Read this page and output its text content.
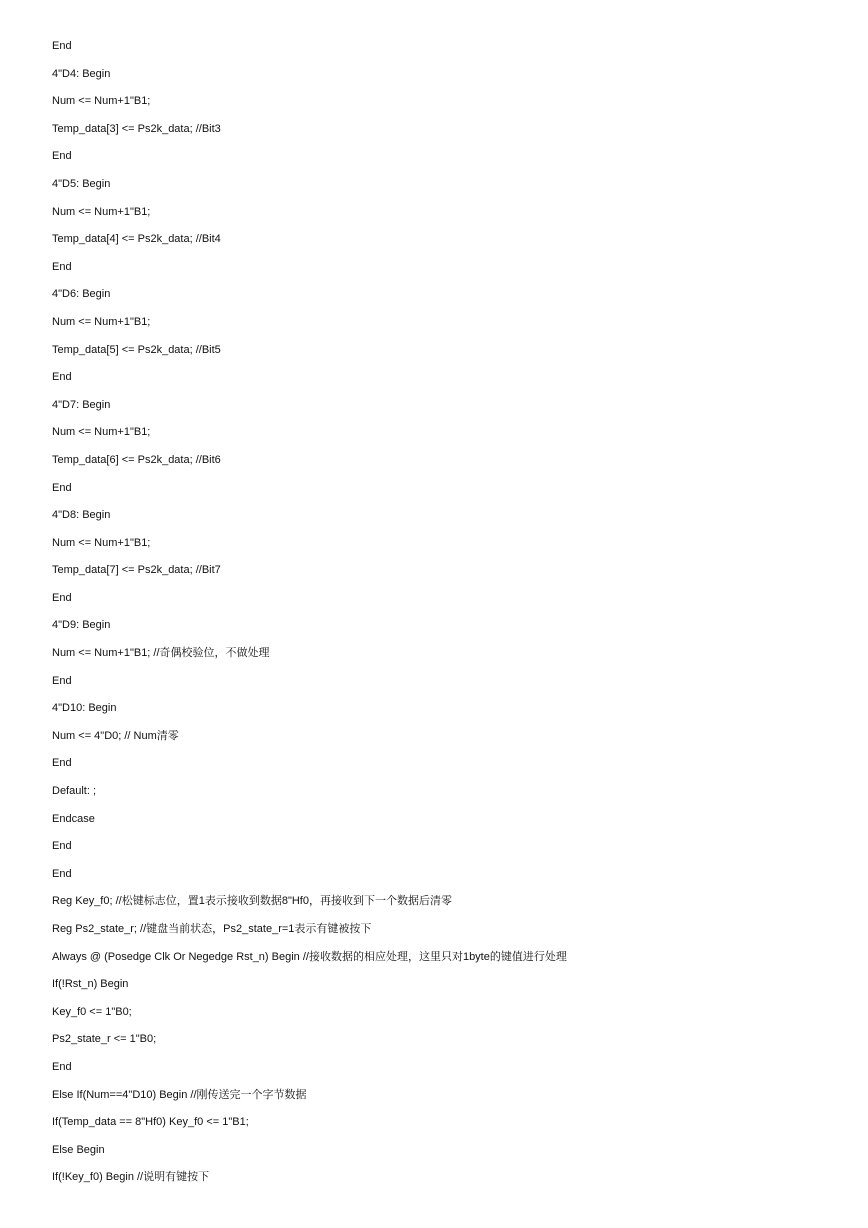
End
4"D4: Begin
Num <= Num+1"B1;
Temp_data[3] <= Ps2k_data; //Bit3
End
4"D5: Begin
Num <= Num+1"B1;
Temp_data[4] <= Ps2k_data; //Bit4
End
4"D6: Begin
Num <= Num+1"B1;
Temp_data[5] <= Ps2k_data; //Bit5
End
4"D7: Begin
Num <= Num+1"B1;
Temp_data[6] <= Ps2k_data; //Bit6
End
4"D8: Begin
Num <= Num+1"B1;
Temp_data[7] <= Ps2k_data; //Bit7
End
4"D9: Begin
Num <= Num+1"B1; //奇偶校验位，不做处理
End
4"D10: Begin
Num <= 4"D0; // Num清零
End
Default: ;
Endcase
End
End
Reg Key_f0; //松键标志位，置1表示接收到数据8"Hf0，再接收到下一个数据后清零
Reg Ps2_state_r; //键盘当前状态，Ps2_state_r=1表示有键被按下
Always @ (Posedge Clk Or Negedge Rst_n) Begin //接收数据的相应处理，这里只对1byte的键值进行处理
If(!Rst_n) Begin
Key_f0 <= 1"B0;
Ps2_state_r <= 1"B0;
End
Else If(Num==4"D10) Begin //刚传送完一个字节数据
If(Temp_data == 8"Hf0) Key_f0 <= 1"B1;
Else Begin
If(!Key_f0) Begin //说明有键按下
